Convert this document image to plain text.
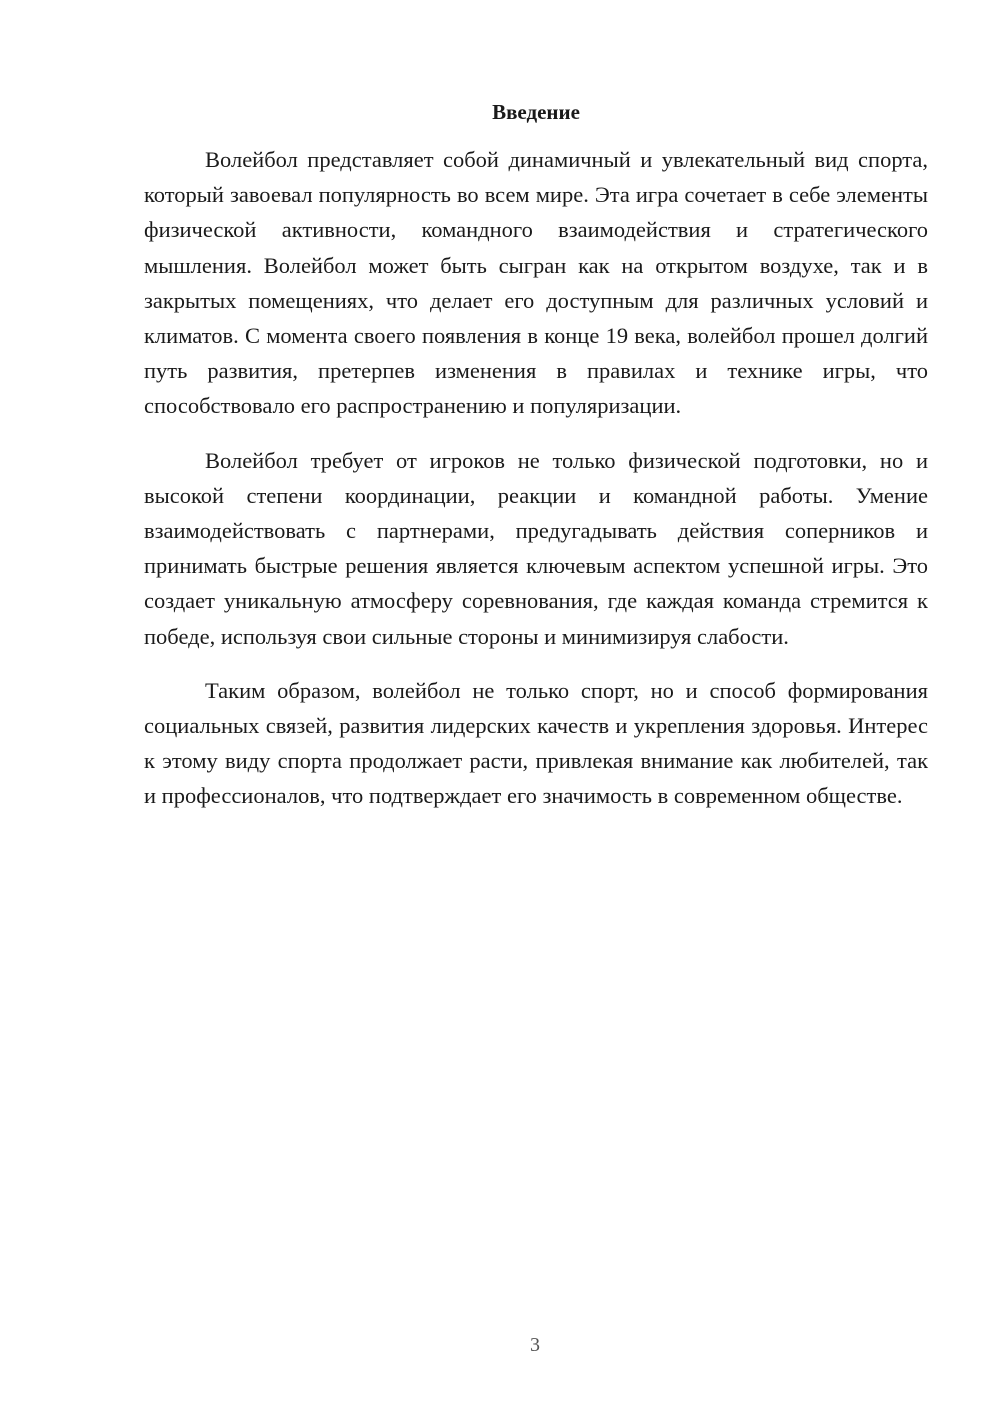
Введение

Волейбол представляет собой динамичный и увлекательный вид спорта, который завоевал популярность во всем мире. Эта игра сочетает в себе элементы физической активности, командного взаимодействия и стратегического мышления. Волейбол может быть сыгран как на открытом воздухе, так и в закрытых помещениях, что делает его доступным для различных условий и климатов. С момента своего появления в конце 19 века, волейбол прошел долгий путь развития, претерпев изменения в правилах и технике игры, что способствовало его распространению и популяризации.

Волейбол требует от игроков не только физической подготовки, но и высокой степени координации, реакции и командной работы. Умение взаимодействовать с партнерами, предугадывать действия соперников и принимать быстрые решения является ключевым аспектом успешной игры. Это создает уникальную атмосферу соревнования, где каждая команда стремится к победе, используя свои сильные стороны и минимизируя слабости.

Таким образом, волейбол не только спорт, но и способ формирования социальных связей, развития лидерских качеств и укрепления здоровья. Интерес к этому виду спорта продолжает расти, привлекая внимание как любителей, так и профессионалов, что подтверждает его значимость в современном обществе.

3
